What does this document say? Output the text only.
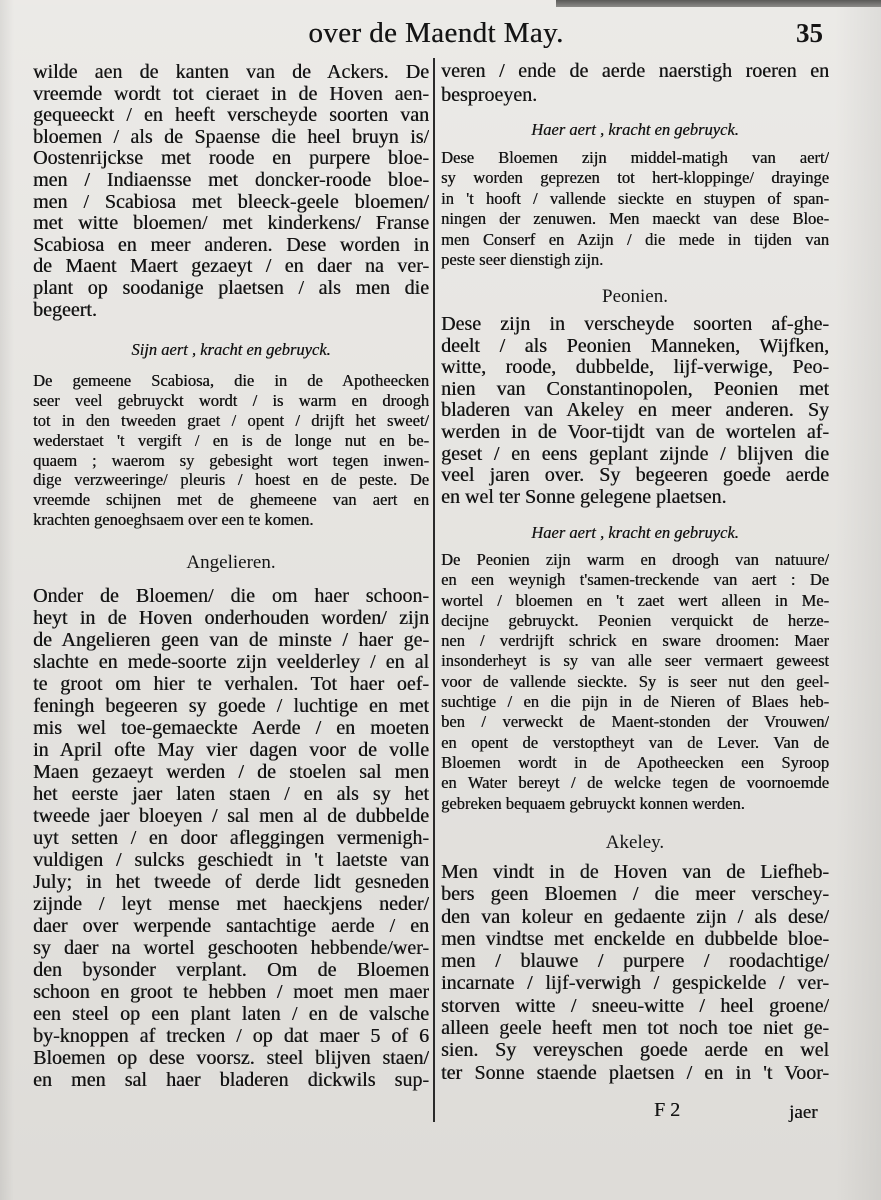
over de Maendt May.	35
wilde aen de kanten van de Ackers. De
vreemde wordt tot cieraet in de Hoven aen-
gequeeckt / en heeft verscheyde soorten van
bloemen / als de Spaense die heel bruyn is/
Oostenrijckse met roode en purpere bloe-
men / Indiaensse met doncker-roode bloe-
men / Scabiosa met bleeck-geele bloemen/
met witte bloemen/ met kinderkens/ Franse
Scabiosa en meer anderen. Dese worden in
de Maent Maert gezaeyt / en daer na ver-
plant op soodanige plaetsen / als men die
begeert.
Sijn aert , kracht en gebruyck.
De gemeene Scabiosa, die in de Apotheecken
seer veel gebruyckt wordt / is warm en droogh
tot in den tweeden graet / opent / drijft het sweet/
wederstaet 't vergift / en is de longe nut en be-
quaem ; waerom sy gebesight wort tegen inwen-
dige verzweeringe/ pleuris / hoest en de peste. De
vreemde schijnen met de ghemeene van aert en
krachten genoeghsaem over een te komen.
Angelieren.
Onder de Bloemen/ die om haer schoon-
heyt in de Hoven onderhouden worden/ zijn
de Angelieren geen van de minste / haer ge-
slachte en mede-soorte zijn veelderley / en al
te groot om hier te verhalen. Tot haer oef-
feningh begeeren sy goede / luchtige en met
mis wel toe-gemaeckte Aerde / en moeten
in April ofte May vier dagen voor de volle
Maen gezaeyt werden / de stoelen sal men
het eerste jaer laten staen / en als sy het
tweede jaer bloeyen / sal men al de dubbelde
uyt setten / en door afleggingen vermenigh-
vuldigen / sulcks geschiedt in 't laetste van
July; in het tweede of derde lidt gesneden
zijnde / leyt mense met haeckjens neder/
daer over werpende santachtige aerde / en
sy daer na wortel geschooten hebbende/wer-
den bysonder verplant. Om de Bloemen
schoon en groot te hebben / moet men maer
een steel op een plant laten / en de valsche
by-knoppen af trecken / op dat maer 5 of 6
Bloemen op dese voorsz. steel blijven staen/
en men sal haer bladeren dickwils sup-
veren / ende de aerde naerstigh roeren en
besproeyen.
Haer aert , kracht en gebruyck.
Dese Bloemen zijn middel-matigh van aert/
sy worden geprezen tot hert-kloppinge/ drayinge
in 't hooft / vallende sieckte en stuypen of span-
ningen der zenuwen. Men maeckt van dese Bloe-
men Conserf en Azijn / die mede in tijden van
peste seer dienstigh zijn.
Peonien.
Dese zijn in verscheyde soorten af-ghe-
deelt / als Peonien Manneken, Wijfken,
witte, roode, dubbelde, lijf-verwige, Peo-
nien van Constantinopolen, Peonien met
bladeren van Akeley en meer anderen. Sy
werden in de Voor-tijdt van de wortelen af-
geset / en eens geplant zijnde / blijven die
veel jaren over. Sy begeeren goede aerde
en wel ter Sonne gelegene plaetsen.
Haer aert , kracht en gebruyck.
De Peonien zijn warm en droogh van natuure/
en een weynigh t'samen-treckende van aert : De
wortel / bloemen en 't zaet wert alleen in Me-
decijne gebruyckt. Peonien verquickt de herze-
nen / verdrijft schrick en sware droomen: Maer
insonderheyt is sy van alle seer vermaert geweest
voor de vallende sieckte. Sy is seer nut den geel-
suchtige / en die pijn in de Nieren of Blaes heb-
ben / verweckt de Maent-stonden der Vrouwen/
en opent de verstoptheyt van de Lever. Van de
Bloemen wordt in de Apotheecken een Syroop
en Water bereyt / de welcke tegen de voornoemde
gebreken bequaem gebruyckt konnen werden.
Akeley.
Men vindt in de Hoven van de Liefheb-
bers geen Bloemen / die meer verschey-
den van koleur en gedaente zijn / als dese/
men vindtse met enckelde en dubbelde bloe-
men / blauwe / purpere / roodachtige/
incarnate / lijf-verwigh / gespickelde / ver-
storven witte / sneeu-witte / heel groene/
alleen geele heeft men tot noch toe niet ge-
sien. Sy vereyschen goede aerde en wel
ter Sonne staende plaetsen / en in 't Voor-
F 2	jaer
